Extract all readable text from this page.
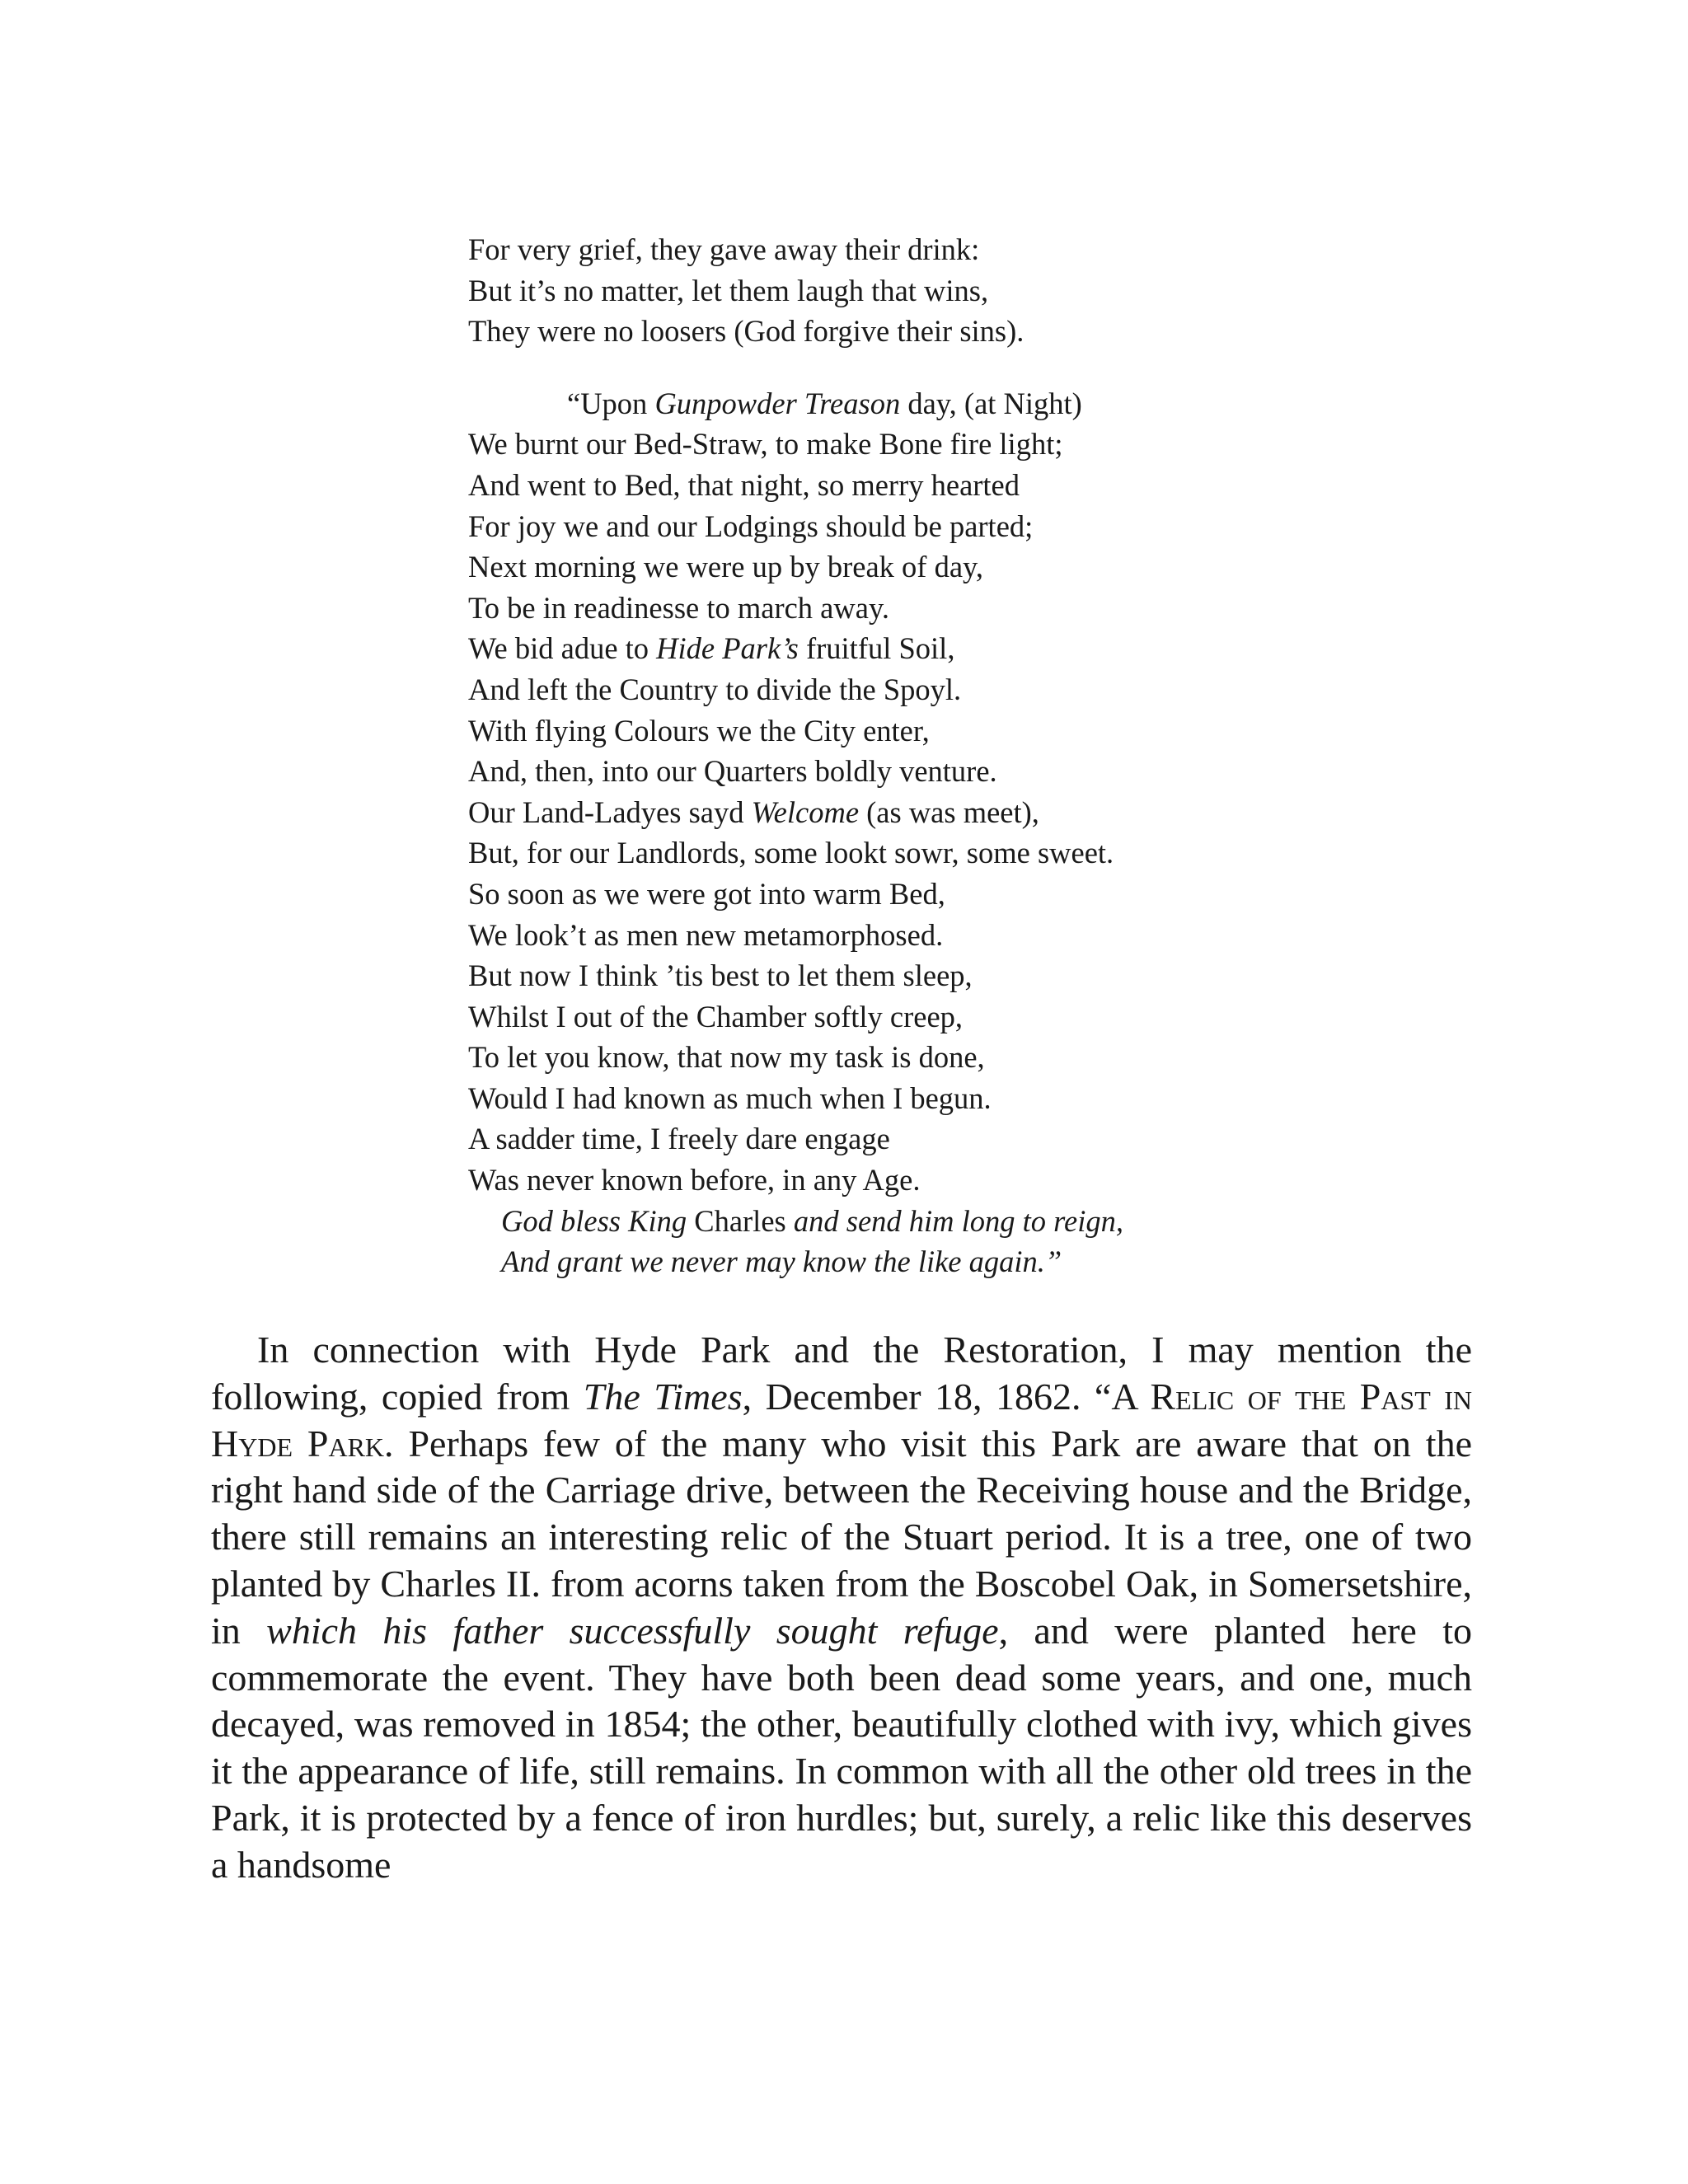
For very grief, they gave away their drink:
But it’s no matter, let them laugh that wins,
They were no loosers (God forgive their sins).
“Upon Gunpowder Treason day, (at Night)
We burnt our Bed-Straw, to make Bone fire light;
And went to Bed, that night, so merry hearted
For joy we and our Lodgings should be parted;
Next morning we were up by break of day,
To be in readinesse to march away.
We bid adue to Hide Park’s fruitful Soil,
And left the Country to divide the Spoyl.
With flying Colours we the City enter,
And, then, into our Quarters boldly venture.
Our Land-Ladyes sayd Welcome (as was meet),
But, for our Landlords, some lookt sowr, some sweet.
So soon as we were got into warm Bed,
We look’t as men new metamorphosed.
But now I think ’tis best to let them sleep,
Whilst I out of the Chamber softly creep,
To let you know, that now my task is done,
Would I had known as much when I begun.
A sadder time, I freely dare engage
Was never known before, in any Age.
God bless King Charles and send him long to reign,
And grant we never may know the like again.”

In connection with Hyde Park and the Restoration, I may mention the following, copied from The Times, December 18, 1862. “A Relic of the Past in Hyde Park. Perhaps few of the many who visit this Park are aware that on the right hand side of the Carriage drive, between the Receiving house and the Bridge, there still remains an interesting relic of the Stuart period. It is a tree, one of two planted by Charles II. from acorns taken from the Boscobel Oak, in Somersetshire, in which his father successfully sought refuge, and were planted here to commemorate the event. They have both been dead some years, and one, much decayed, was removed in 1854; the other, beautifully clothed with ivy, which gives it the appearance of life, still remains. In common with all the other old trees in the Park, it is protected by a fence of iron hurdles; but, surely, a relic like this deserves a handsome
